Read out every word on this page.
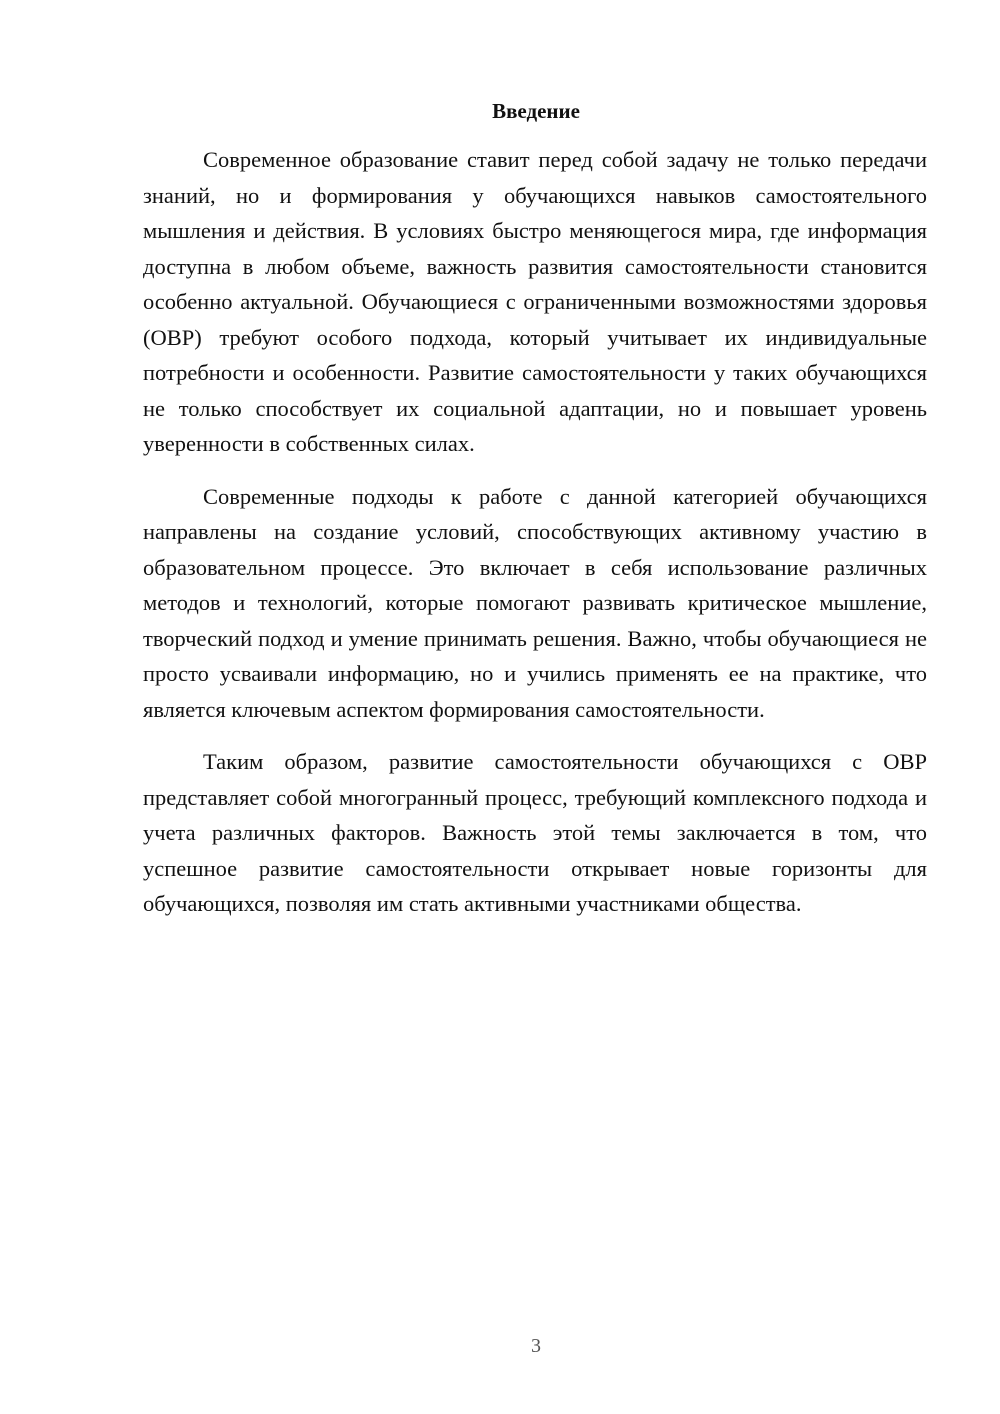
Введение

Современное образование ставит перед собой задачу не только передачи знаний, но и формирования у обучающихся навыков самостоятельного мышления и действия. В условиях быстро меняющегося мира, где информация доступна в любом объеме, важность развития самостоятельности становится особенно актуальной. Обучающиеся с ограниченными возможностями здоровья (ОВР) требуют особого подхода, который учитывает их индивидуальные потребности и особенности. Развитие самостоятельности у таких обучающихся не только способствует их социальной адаптации, но и повышает уровень уверенности в собственных силах.

Современные подходы к работе с данной категорией обучающихся направлены на создание условий, способствующих активному участию в образовательном процессе. Это включает в себя использование различных методов и технологий, которые помогают развивать критическое мышление, творческий подход и умение принимать решения. Важно, чтобы обучающиеся не просто усваивали информацию, но и учились применять ее на практике, что является ключевым аспектом формирования самостоятельности.

Таким образом, развитие самостоятельности обучающихся с ОВР представляет собой многогранный процесс, требующий комплексного подхода и учета различных факторов. Важность этой темы заключается в том, что успешное развитие самостоятельности открывает новые горизонты для обучающихся, позволяя им стать активными участниками общества.

3
